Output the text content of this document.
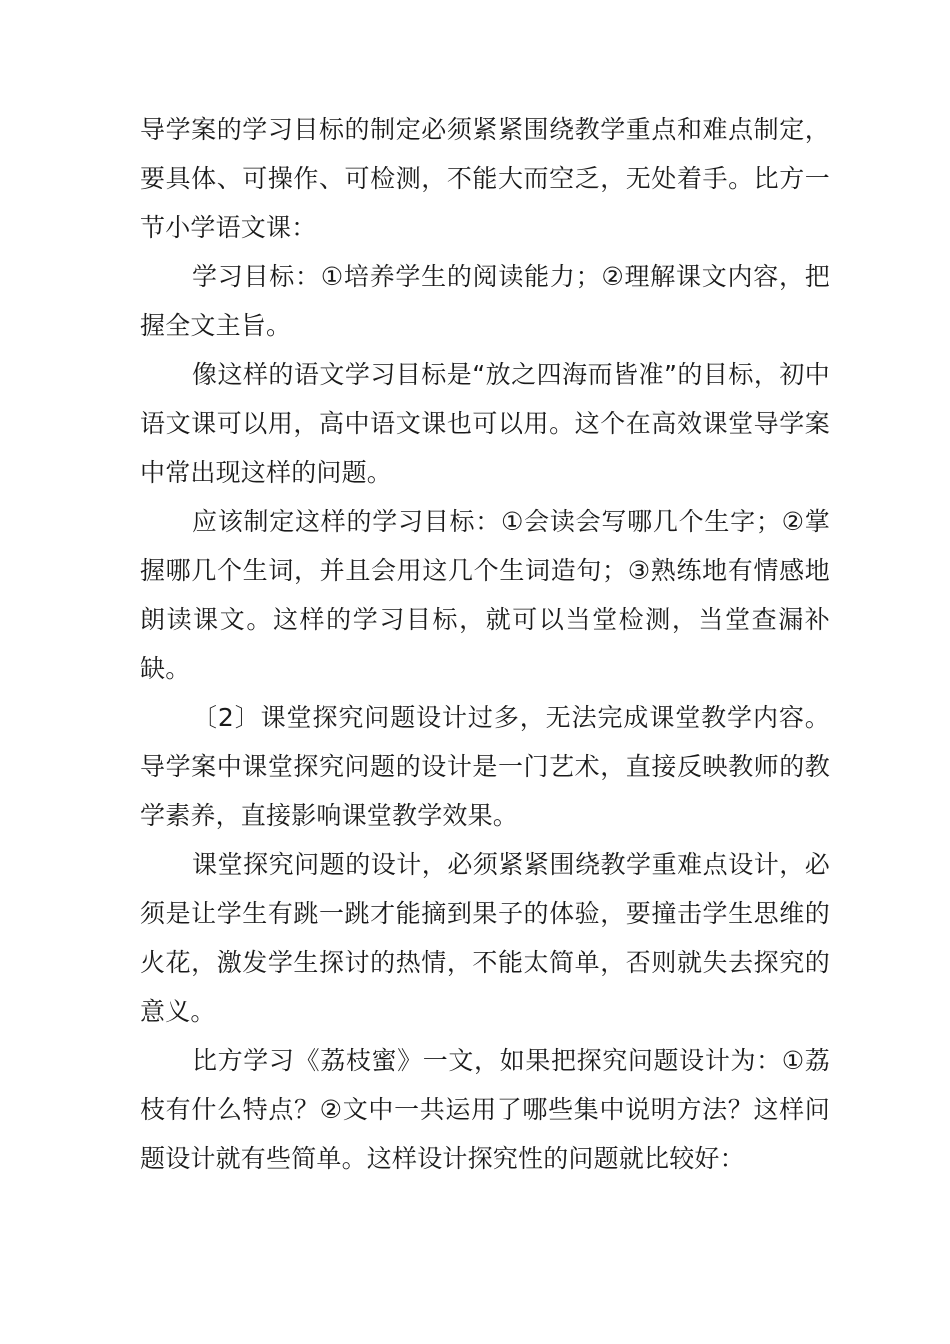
导学案的学习目标的制定必须紧紧围绕教学重点和难点制定，要具体、可操作、可检测，不能大而空乏，无处着手。比方一节小学语文课：

学习目标：①培养学生的阅读能力；②理解课文内容，把握全文主旨。

像这样的语文学习目标是“放之四海而皆准”的目标，初中语文课可以用，高中语文课也可以用。这个在高效课堂导学案中常出现这样的问题。

应该制定这样的学习目标：①会读会写哪几个生字；②掌握哪几个生词，并且会用这几个生词造句；③熟练地有情感地朗读课文。这样的学习目标，就可以当堂检测，当堂查漏补缺。

〔2〕课堂探究问题设计过多，无法完成课堂教学内容。导学案中课堂探究问题的设计是一门艺术，直接反映教师的教学素养，直接影响课堂教学效果。

课堂探究问题的设计，必须紧紧围绕教学重难点设计，必须是让学生有跳一跳才能摘到果子的体验，要撞击学生思维的火花，激发学生探讨的热情，不能太简单，否则就失去探究的意义。

比方学习《荔枝蜜》一文，如果把探究问题设计为：①荔枝有什么特点？②文中一共运用了哪些集中说明方法？这样问题设计就有些简单。这样设计探究性的问题就比较好：
